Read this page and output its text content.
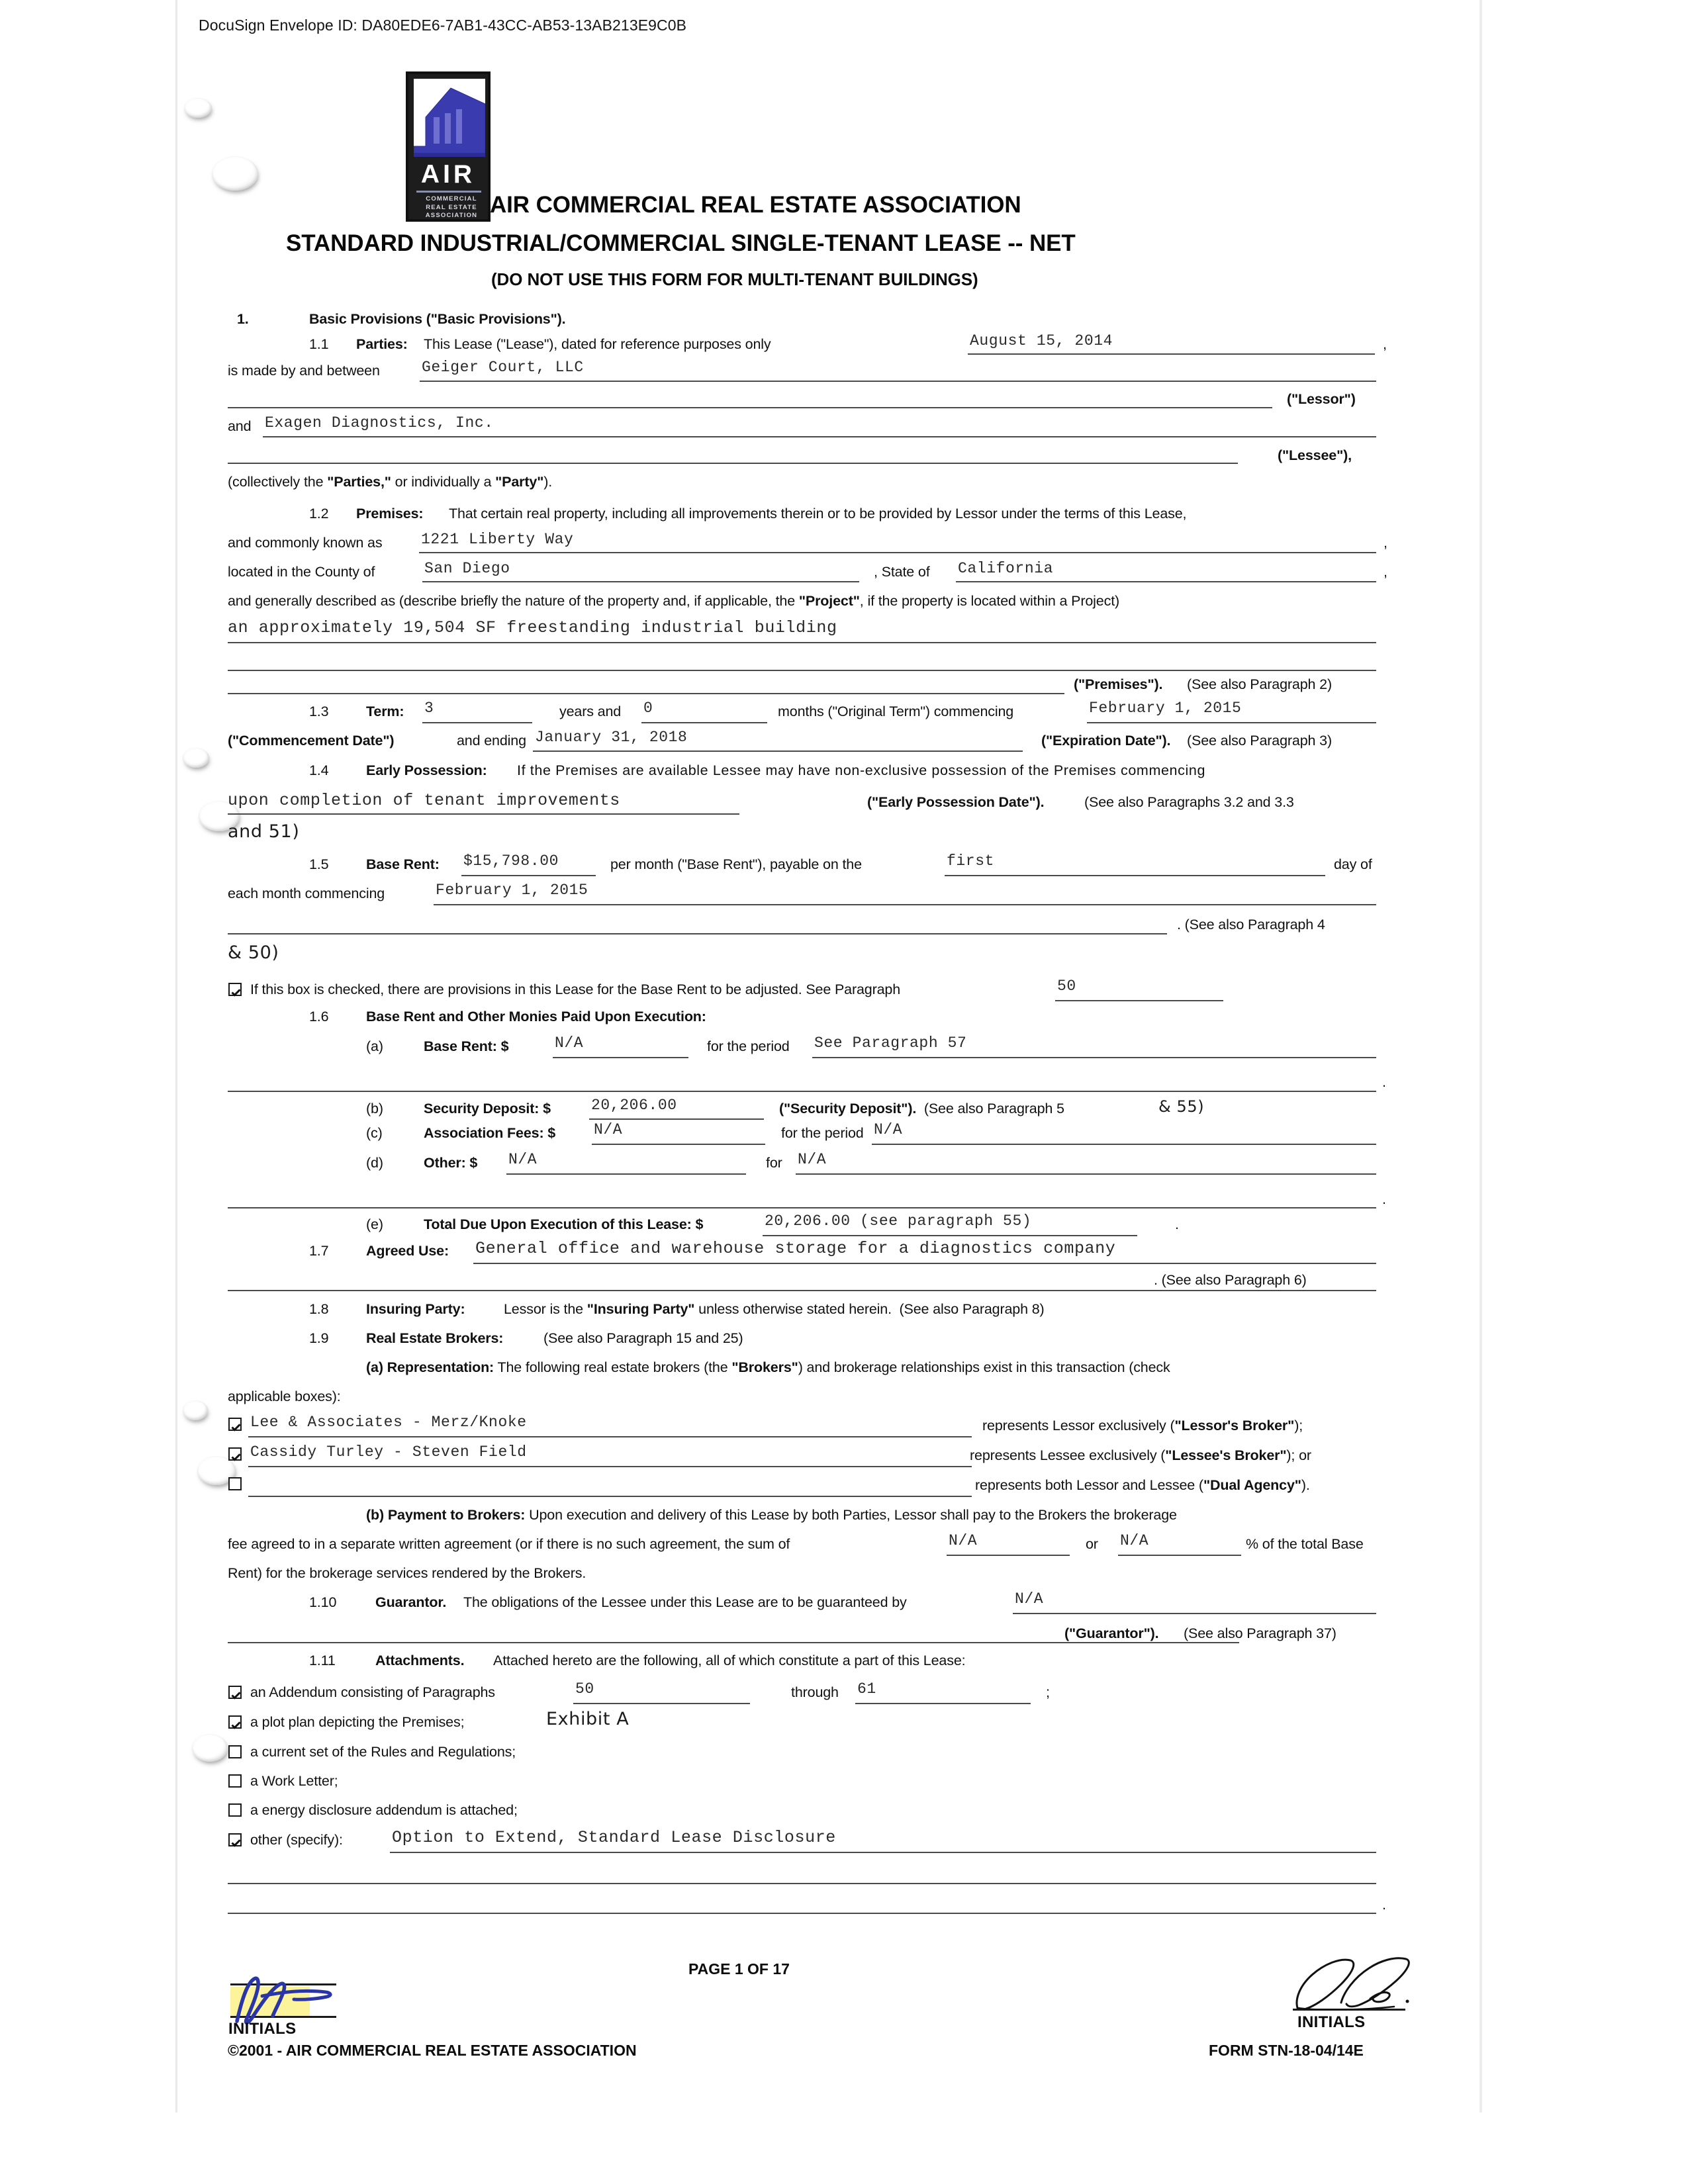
DocuSign Envelope ID: DA80EDE6-7AB1-43CC-AB53-13AB213E9C0B
AIR
COMMERCIAL
REAL ESTATE
ASSOCIATION AIR COMMERCIAL REAL ESTATE ASSOCIATION
STANDARD INDUSTRIAL/COMMERCIAL SINGLE-TENANT LEASE -- NET
(DO NOT USE THIS FORM FOR MULTI-TENANT BUILDINGS)
1.	Basic Provisions ("Basic Provisions").
1.1 Parties: This Lease ("Lease"), dated for reference purposes only	August 15, 2014	,
is made by and between	Geiger Court, LLC
("Lessor")
and Exagen Diagnostics, Inc.
("Lessee"),
(collectively the "Parties," or individually a "Party").
1.2 Premises: That certain real property, including all improvements therein or to be provided by Lessor under the terms of this Lease,
and commonly known as	1221 Liberty Way	,
located in the County of	San Diego	, State of California	,
and generally described as (describe briefly the nature of the property and, if applicable, the "Project", if the property is located within a Project)
an approximately 19,504 SF freestanding industrial building
("Premises"). (See also Paragraph 2)
1.3	Term: 3	years and 0	months ("Original Term") commencing	February 1, 2015
("Commencement Date")	and ending January 31, 2018	("Expiration Date"). (See also Paragraph 3)
1.4	Early Possession: If the Premises are available Lessee may have non-exclusive possession of the Premises commencing
upon completion of tenant improvements	("Early Possession Date").	(See also Paragraphs 3.2 and 3.3
and 51)
1.5	Base Rent: $15,798.00	per month ("Base Rent"), payable on the	first	day of
each month commencing	February 1, 2015
. (See also Paragraph 4
& 50)
If this box is checked, there are provisions in this Lease for the Base Rent to be adjusted. See Paragraph	50
1.6	Base Rent and Other Monies Paid Upon Execution:
(a)	Base Rent: $	N/A	for the period See Paragraph 57
.
(b)	Security Deposit: $	20,206.00	("Security Deposit").  (See also Paragraph 5	& 55)
(c)	Association Fees: $	N/A	for the period N/A
(d)	Other: $ N/A	for N/A
.
(e)	Total Due Upon Execution of this Lease: $	20,206.00 (see paragraph 55)	.
1.7	Agreed Use: General office and warehouse storage for a diagnostics company
. (See also Paragraph 6)
1.8	Insuring Party:	Lessor is the "Insuring Party" unless otherwise stated herein.  (See also Paragraph 8)
1.9	Real Estate Brokers:	(See also Paragraph 15 and 25)
(a) Representation: The following real estate brokers (the "Brokers") and brokerage relationships exist in this transaction (check
applicable boxes):
Lee & Associates - Merz/Knoke	represents Lessor exclusively ("Lessor's Broker");
Cassidy Turley - Steven Field	represents Lessee exclusively ("Lessee's Broker"); or
represents both Lessor and Lessee ("Dual Agency").
(b) Payment to Brokers: Upon execution and delivery of this Lease by both Parties, Lessor shall pay to the Brokers the brokerage
fee agreed to in a separate written agreement (or if there is no such agreement, the sum of	N/A	or N/A	% of the total Base
Rent) for the brokerage services rendered by the Brokers.
1.10	Guarantor. The obligations of the Lessee under this Lease are to be guaranteed by	N/A
("Guarantor"). (See also Paragraph 37)
1.11	Attachments. Attached hereto are the following, all of which constitute a part of this Lease:
an Addendum consisting of Paragraphs	50	through 61	;
a plot plan depicting the Premises;	Exhibit A
a current set of the Rules and Regulations;
a Work Letter;
a energy disclosure addendum is attached;
other (specify):	Option to Extend, Standard Lease Disclosure
.
PAGE 1 OF 17
INITIALS	INITIALS
©2001 - AIR COMMERCIAL REAL ESTATE ASSOCIATION	FORM STN-18-04/14E
